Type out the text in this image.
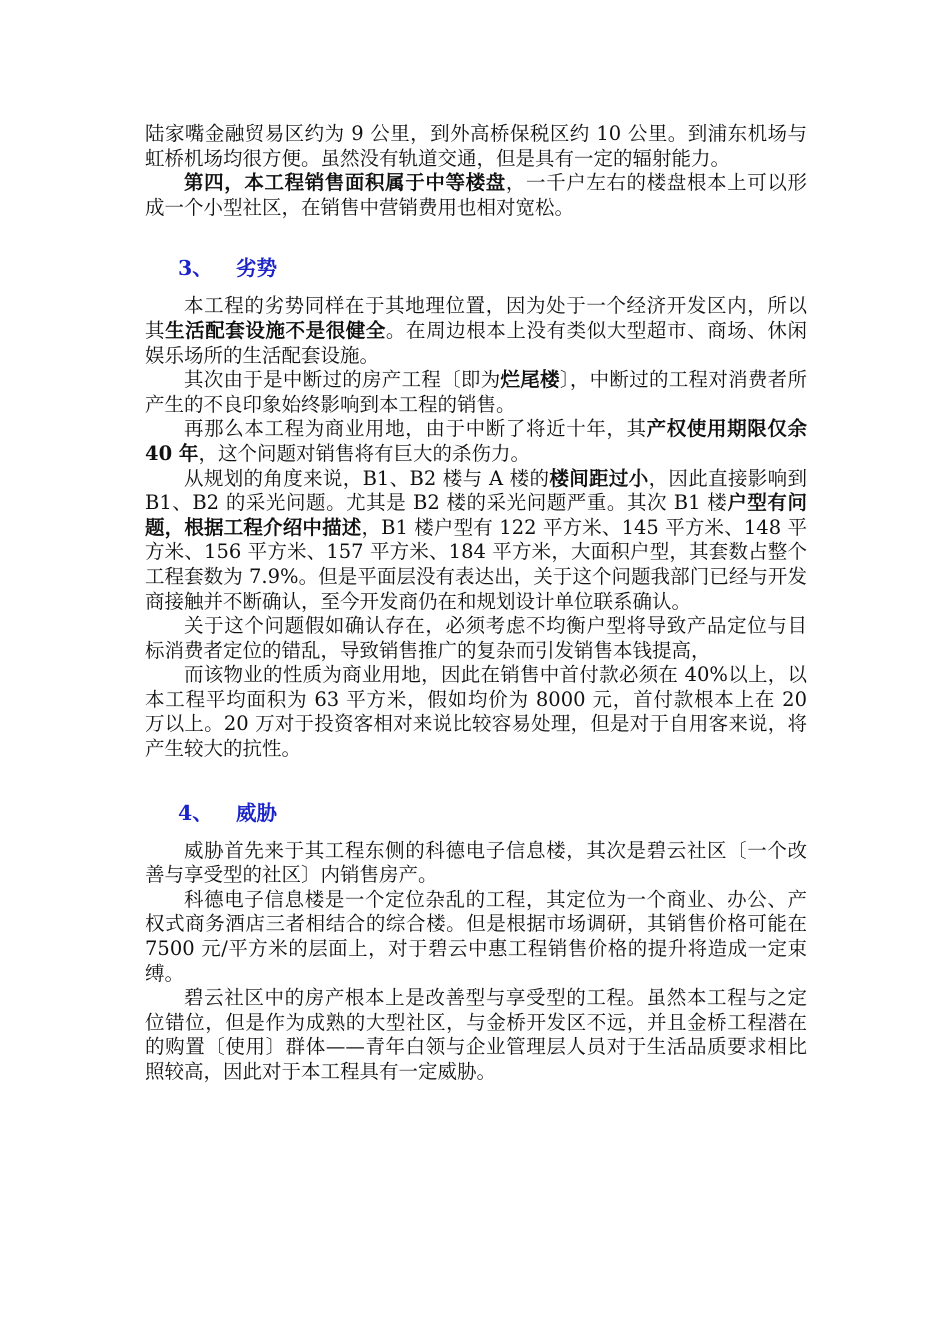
陆家嘴金融贸易区约为 9 公里，到外高桥保税区约 10 公里。到浦东机场与虹桥机场均很方便。虽然没有轨道交通，但是具有一定的辐射能力。

第四，本工程销售面积属于中等楼盘，一千户左右的楼盘根本上可以形成一个小型社区，在销售中营销费用也相对宽松。

3、 劣势

本工程的劣势同样在于其地理位置，因为处于一个经济开发区内，所以其生活配套设施不是很健全。在周边根本上没有类似大型超市、商场、休闲娱乐场所的生活配套设施。

其次由于是中断过的房产工程〔即为烂尾楼〕，中断过的工程对消费者所产生的不良印象始终影响到本工程的销售。

再那么本工程为商业用地，由于中断了将近十年，其产权使用期限仅余 40 年，这个问题对销售将有巨大的杀伤力。

从规划的角度来说，B1、B2 楼与 A 楼的楼间距过小，因此直接影响到 B1、B2 的采光问题。尤其是 B2 楼的采光问题严重。其次 B1 楼户型有问题，根据工程介绍中描述，B1 楼户型有 122 平方米、145 平方米、148 平方米、156 平方米、157 平方米、184 平方米，大面积户型，其套数占整个工程套数为 7.9%。但是平面层没有表达出，关于这个问题我部门已经与开发商接触并不断确认，至今开发商仍在和规划设计单位联系确认。

关于这个问题假如确认存在，必须考虑不均衡户型将导致产品定位与目标消费者定位的错乱，导致销售推广的复杂而引发销售本钱提高，

而该物业的性质为商业用地，因此在销售中首付款必须在 40%以上，以本工程平均面积为 63 平方米，假如均价为 8000 元，首付款根本上在 20 万以上。20 万对于投资客相对来说比较容易处理，但是对于自用客来说，将产生较大的抗性。

4、 威胁

威胁首先来于其工程东侧的科德电子信息楼，其次是碧云社区〔一个改善与享受型的社区〕内销售房产。

科德电子信息楼是一个定位杂乱的工程，其定位为一个商业、办公、产权式商务酒店三者相结合的综合楼。但是根据市场调研，其销售价格可能在 7500 元/平方米的层面上，对于碧云中惠工程销售价格的提升将造成一定束缚。

碧云社区中的房产根本上是改善型与享受型的工程。虽然本工程与之定位错位，但是作为成熟的大型社区，与金桥开发区不远，并且金桥工程潜在的购置〔使用〕群体——青年白领与企业管理层人员对于生活品质要求相比照较高，因此对于本工程具有一定威胁。
